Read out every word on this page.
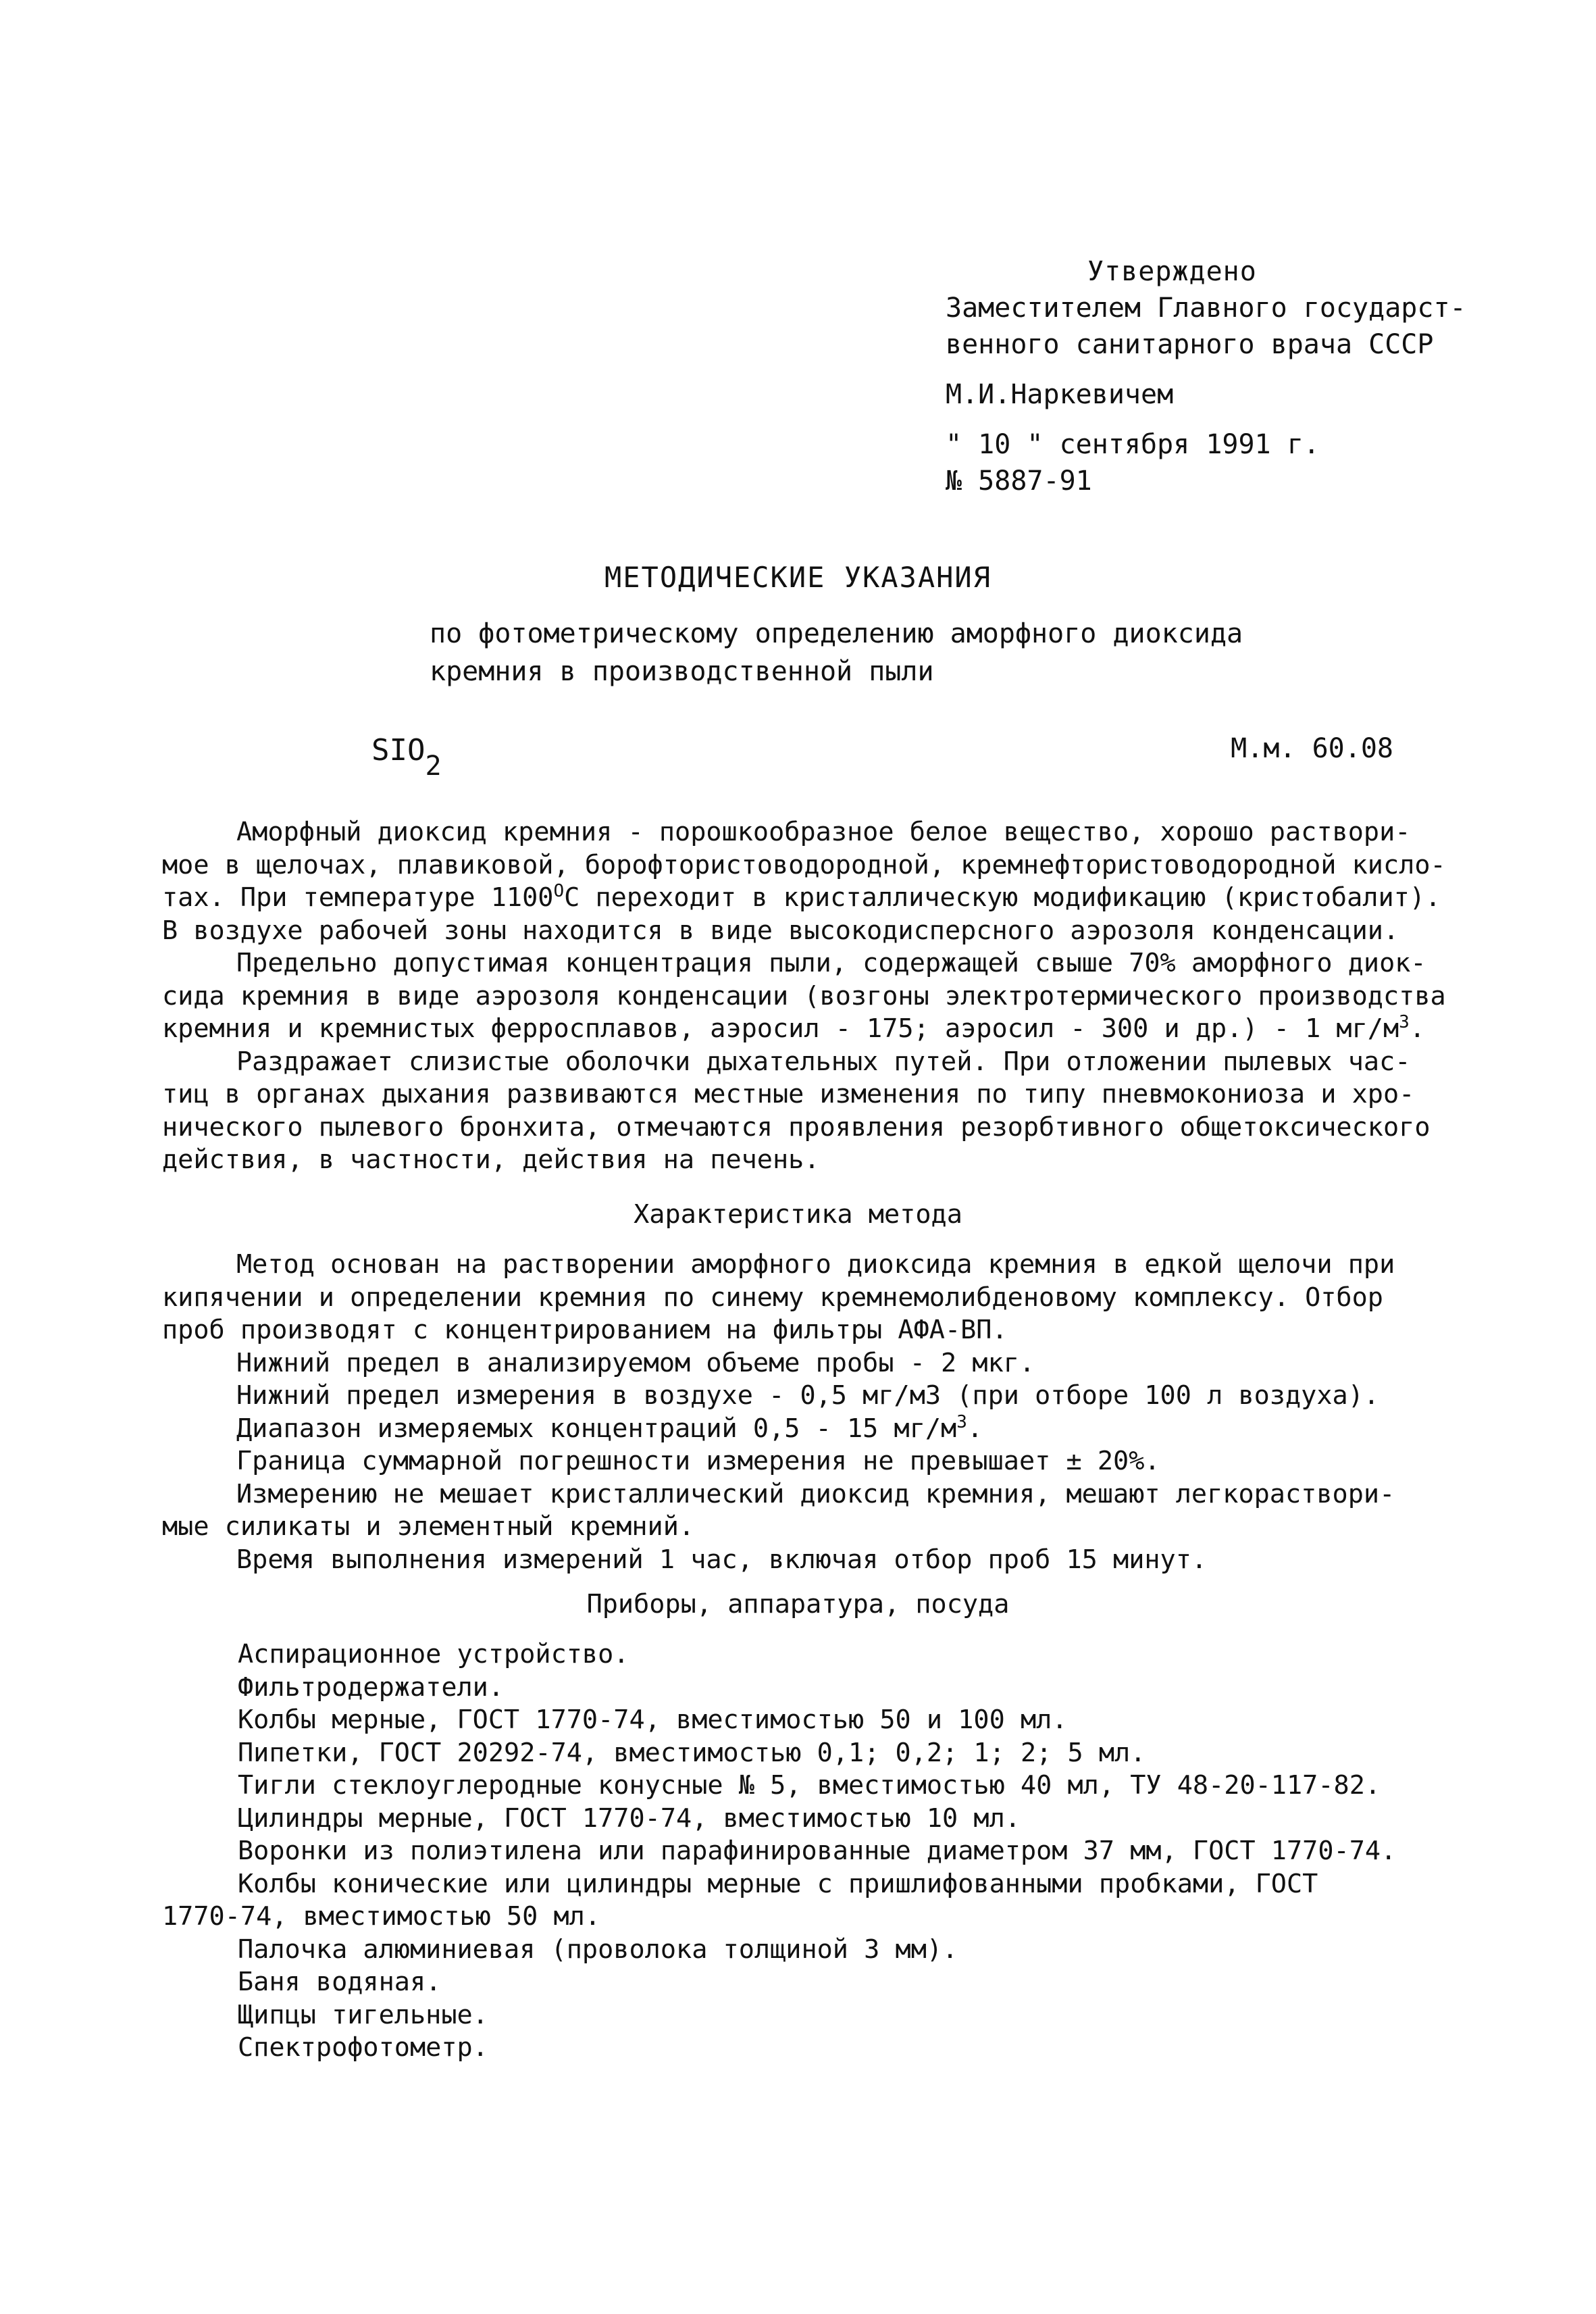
Утверждено
Заместителем Главного государст-
венного санитарного врача СССР
М.И.Наркевичем
" 10 " сентября 1991 г.
№ 5887-91
МЕТОДИЧЕСКИЕ УКАЗАНИЯ
по фотометрическому определению аморфного диоксида
кремния в производственной пыли
$SIO_2$
М.м. 60.08
Аморфный диоксид кремния - порошкообразное белое вещество, хорошо раствори-
мое в щелочах, плавиковой, борофтористоводородной, кремнефтористоводородной кисло-
тах. При температуре $1100^ОС$ переходит в кристаллическую модификацию (кристобалит).
В воздухе рабочей зоны находится в виде высокодисперсного аэрозоля конденсации.
Предельно допустимая концентрация пыли, содержащей свыше 70% аморфного диок-
сида кремния в виде аэрозоля конденсации (возгоны электротермического производства
кремния и кремнистых ферросплавов, аэросил - 175; аэросил - 300 и др.) - 1 $мг/м^3$.
Раздражает слизистые оболочки дыхательных путей. При отложении пылевых час-
тиц в органах дыхания развиваются местные изменения по типу пневмокониоза и хро-
нического пылевого бронхита, отмечаются проявления резорбтивного общетоксического
действия, в частности, действия на печень.
Характеристика метода
Метод основан на растворении аморфного диоксида кремния в едкой щелочи при
кипячении и определении кремния по синему кремнемолибденовому комплексу. Отбор
проб производят с концентрированием на фильтры АФА-ВП.
Нижний предел в анализируемом объеме пробы - 2 мкг.
Нижний предел измерения в воздухе - 0,5 мг/м3 (при отборе 100 л воздуха).
Диапазон измеряемых концентраций 0,5 - 15 $мг/м^3$.
Граница суммарной погрешности измерения не превышает ± 20%.
Измерению не мешает кристаллический диоксид кремния, мешают легкораствори-
мые силикаты и элементный кремний.
Время выполнения измерений 1 час, включая отбор проб 15 минут.
Приборы, аппаратура, посуда
Аспирационное устройство.
Фильтродержатели.
Колбы мерные, ГОСТ 1770-74, вместимостью 50 и 100 мл.
Пипетки, ГОСТ 20292-74, вместимостью 0,1; 0,2; 1; 2; 5 мл.
Тигли стеклоуглеродные конусные № 5, вместимостью 40 мл, ТУ 48-20-117-82.
Цилиндры мерные, ГОСТ 1770-74, вместимостью 10 мл.
Воронки из полиэтилена или парафинированные диаметром 37 мм, ГОСТ 1770-74.
Колбы конические или цилиндры мерные с пришлифованными пробками, ГОСТ
1770-74, вместимостью 50 мл.
Палочка алюминиевая (проволока толщиной 3 мм).
Баня водяная.
Щипцы тигельные.
Спектрофотометр.
